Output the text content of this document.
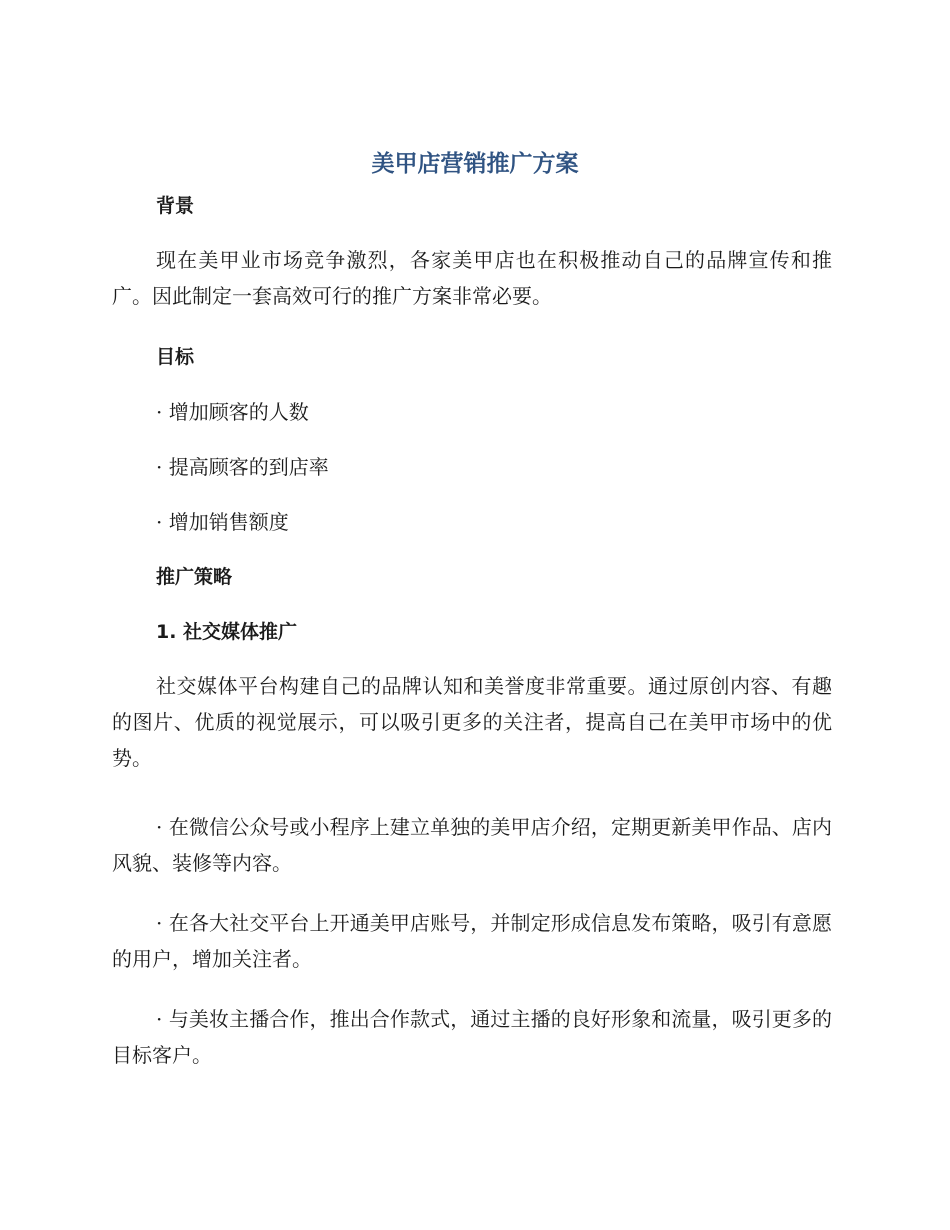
美甲店营销推广方案
背景

现在美甲业市场竞争激烈，各家美甲店也在积极推动自己的品牌宣传和推广。因此制定一套高效可行的推广方案非常必要。

目标
· 增加顾客的人数
· 提高顾客的到店率
· 增加销售额度
推广策略
1. 社交媒体推广

社交媒体平台构建自己的品牌认知和美誉度非常重要。通过原创内容、有趣的图片、优质的视觉展示，可以吸引更多的关注者，提高自己在美甲市场中的优势。

· 在微信公众号或小程序上建立单独的美甲店介绍，定期更新美甲作品、店内风貌、装修等内容。

· 在各大社交平台上开通美甲店账号，并制定形成信息发布策略，吸引有意愿的用户，增加关注者。

· 与美妆主播合作，推出合作款式，通过主播的良好形象和流量，吸引更多的目标客户。
